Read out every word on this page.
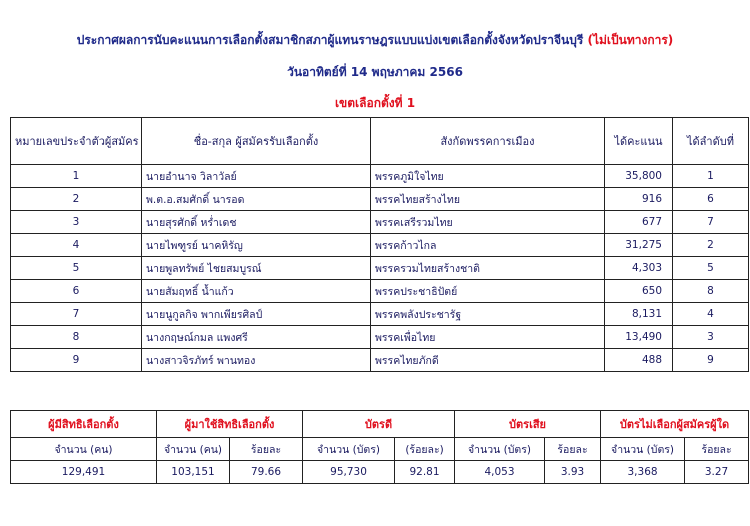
ประกาศผลการนับคะแนนการเลือกตั้งสมาชิกสภาผู้แทนราษฎรแบบแบ่งเขตเลือกตั้งจังหวัดปราจีนบุรี (ไม่เป็นทางการ)
วันอาทิตย์ที่ 14 พฤษภาคม 2566
เขตเลือกตั้งที่ 1
หมายเลขประจำตัวผู้สมัคร	ชื่อ-สกุล ผู้สมัครรับเลือกตั้ง	สังกัดพรรคการเมือง	ได้คะแนน	ได้ลำดับที่
1	นายอำนาจ วิลาวัลย์	พรรคภูมิใจไทย	35,800	1
2	พ.ต.อ.สมศักดิ์ นารอด	พรรคไทยสร้างไทย	916	6
3	นายสุรศักดิ์ หร่ำเดช	พรรคเสรีรวมไทย	677	7
4	นายไพฑูรย์ นาคหิรัญ	พรรคก้าวไกล	31,275	2
5	นายพูลทรัพย์ ไชยสมบูรณ์	พรรครวมไทยสร้างชาติ	4,303	5
6	นายสัมฤทธิ์ น้ำแก้ว	พรรคประชาธิปัตย์	650	8
7	นายนูกูลกิจ พากเพียรศิลป์	พรรคพลังประชารัฐ	8,131	4
8	นางกฤษณ์กมล แพงศรี	พรรคเพื่อไทย	13,490	3
9	นางสาวจิรภัทร์ พานทอง	พรรคไทยภักดี	488	9
ผู้มีสิทธิเลือกตั้ง	ผู้มาใช้สิทธิเลือกตั้ง		บัตรดี		บัตรเสีย		บัตรไม่เลือกผู้สมัครผู้ใด	
จำนวน (คน)	จำนวน (คน)	ร้อยละ	จำนวน (บัตร)	(ร้อยละ)	จำนวน (บัตร)	ร้อยละ	จำนวน (บัตร)	ร้อยละ
129,491	103,151	79.66	95,730	92.81	4,053	3.93	3,368	3.27
